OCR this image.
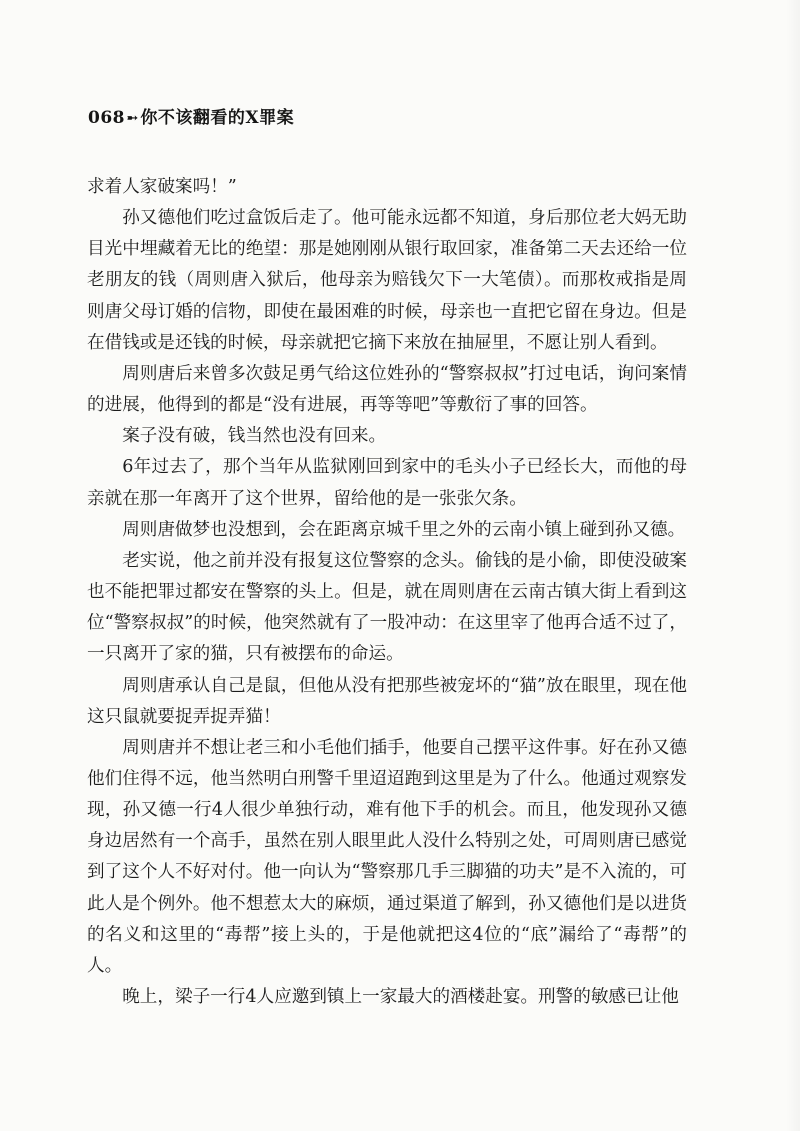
068 ➸ 你不该翻看的X罪案

求着人家破案吗！”

孙又德他们吃过盒饭后走了。他可能永远都不知道，身后那位老大妈无助目光中埋藏着无比的绝望：那是她刚刚从银行取回家，准备第二天去还给一位老朋友的钱（周则唐入狱后，他母亲为赔钱欠下一大笔债）。而那枚戒指是周则唐父母订婚的信物，即使在最困难的时候，母亲也一直把它留在身边。但是在借钱或是还钱的时候，母亲就把它摘下来放在抽屉里，不愿让别人看到。

周则唐后来曾多次鼓足勇气给这位姓孙的“警察叔叔”打过电话，询问案情的进展，他得到的都是“没有进展，再等等吧”等敷衍了事的回答。

案子没有破，钱当然也没有回来。

6年过去了，那个当年从监狱刚回到家中的毛头小子已经长大，而他的母亲就在那一年离开了这个世界，留给他的是一张张欠条。

周则唐做梦也没想到，会在距离京城千里之外的云南小镇上碰到孙又德。

老实说，他之前并没有报复这位警察的念头。偷钱的是小偷，即使没破案也不能把罪过都安在警察的头上。但是，就在周则唐在云南古镇大街上看到这位“警察叔叔”的时候，他突然就有了一股冲动：在这里宰了他再合适不过了，一只离开了家的猫，只有被摆布的命运。

周则唐承认自己是鼠，但他从没有把那些被宠坏的“猫”放在眼里，现在他这只鼠就要捉弄捉弄猫！

周则唐并不想让老三和小毛他们插手，他要自己摆平这件事。好在孙又德他们住得不远，他当然明白刑警千里迢迢跑到这里是为了什么。他通过观察发现，孙又德一行4人很少单独行动，难有他下手的机会。而且，他发现孙又德身边居然有一个高手，虽然在别人眼里此人没什么特别之处，可周则唐已感觉到了这个人不好对付。他一向认为“警察那几手三脚猫的功夫”是不入流的，可此人是个例外。他不想惹太大的麻烦，通过渠道了解到，孙又德他们是以进货的名义和这里的“毒帮”接上头的，于是他就把这4位的“底”漏给了“毒帮”的人。

晚上，梁子一行4人应邀到镇上一家最大的酒楼赴宴。刑警的敏感已让他
